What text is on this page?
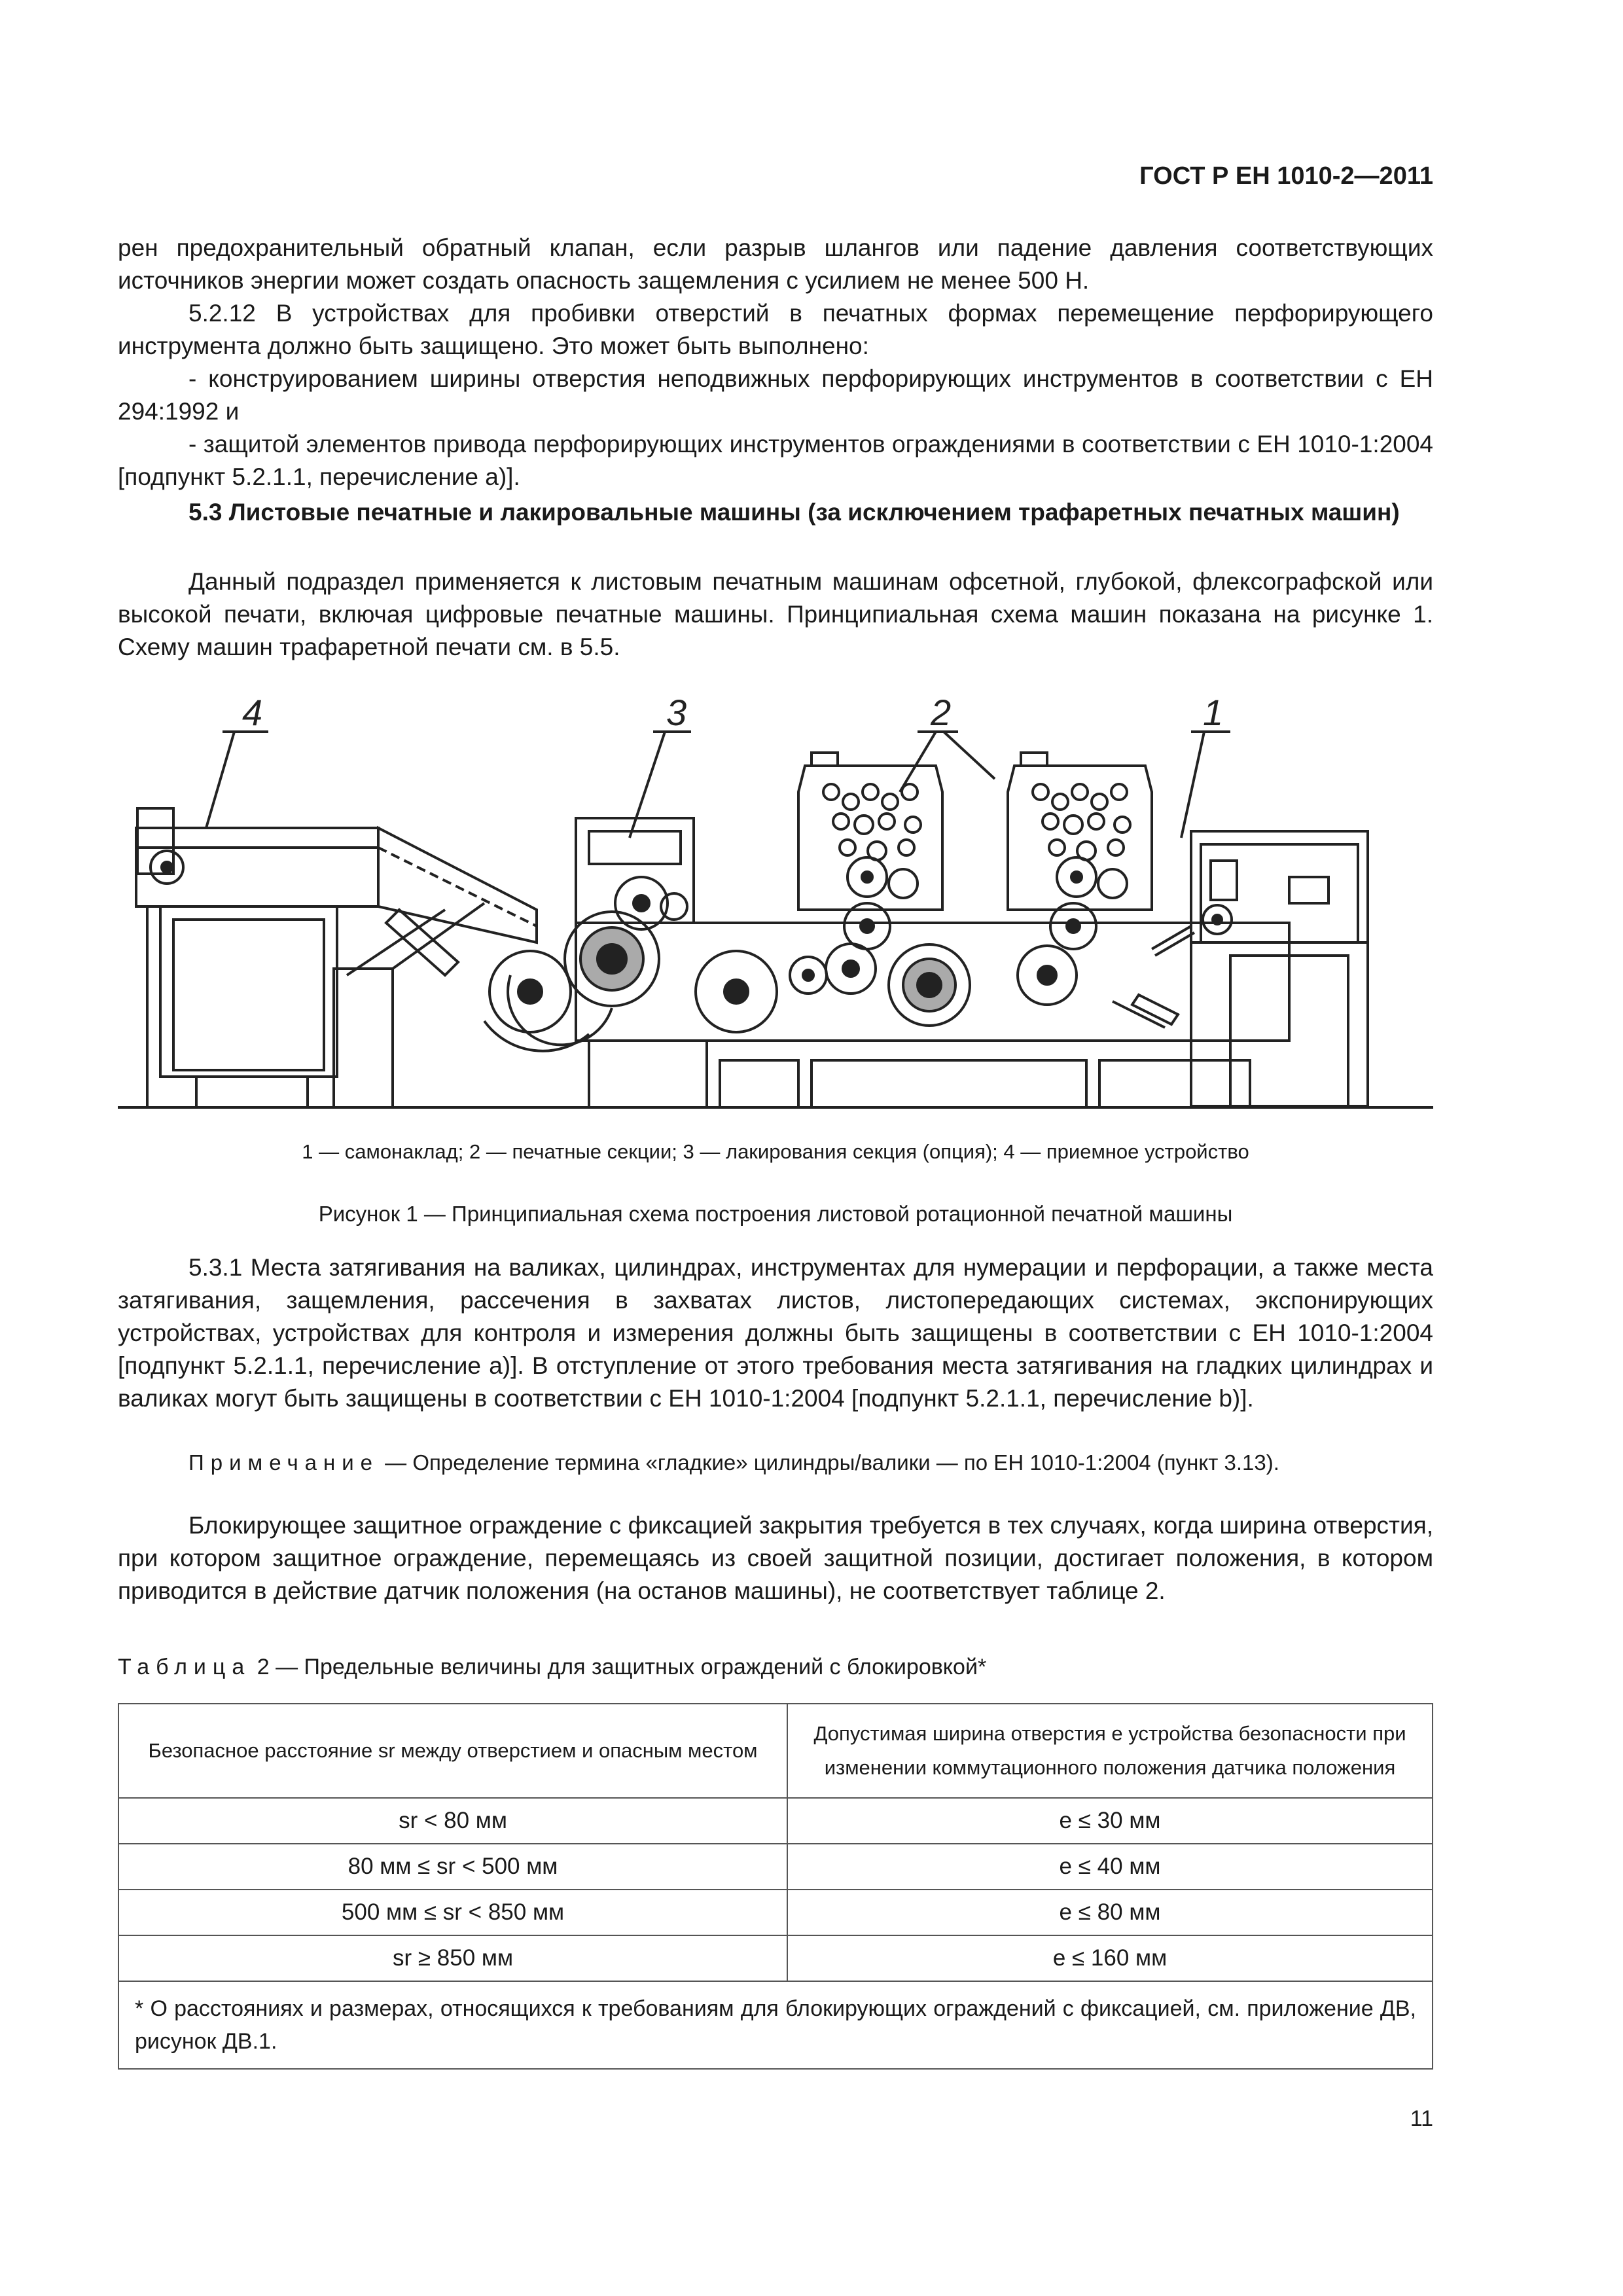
ГОСТ Р ЕН 1010-2—2011

рен предохранительный обратный клапан, если разрыв шлангов или падение давления соответствующих источников энергии может создать опасность защемления с усилием не менее 500 Н.

5.2.12 В устройствах для пробивки отверстий в печатных формах перемещение перфорирующего инструмента должно быть защищено. Это может быть выполнено:

- конструированием ширины отверстия неподвижных перфорирующих инструментов в соответствии с ЕН 294:1992 и

- защитой элементов привода перфорирующих инструментов ограждениями в соответствии с ЕН 1010-1:2004 [подпункт 5.2.1.1, перечисление а)].

5.3 Листовые печатные и лакировальные машины (за исключением трафаретных печатных машин)

Данный подраздел применяется к листовым печатным машинам офсетной, глубокой, флексографской или высокой печати, включая цифровые печатные машины. Принципиальная схема машин показана на рисунке 1. Схему машин трафаретной печати см. в 5.5.

4	3	2	1
1 — самонаклад; 2 — печатные секции; 3 — лакирования секция (опция); 4 — приемное устройство
Рисунок 1 — Принципиальная схема построения листовой ротационной печатной машины

5.3.1 Места затягивания на валиках, цилиндрах, инструментах для нумерации и перфорации, а также места затягивания, защемления, рассечения в захватах листов, листопередающих системах, экспонирующих устройствах, устройствах для контроля и измерения должны быть защищены в соответствии с ЕН 1010-1:2004 [подпункт 5.2.1.1, перечисление а)]. В отступление от этого требования места затягивания на гладких цилиндрах и валиках могут быть защищены в соответствии с ЕН 1010-1:2004 [подпункт 5.2.1.1, перечисление b)].

Примечание — Определение термина «гладкие» цилиндры/валики — по ЕН 1010-1:2004 (пункт 3.13).

Блокирующее защитное ограждение с фиксацией закрытия требуется в тех случаях, когда ширина отверстия, при котором защитное ограждение, перемещаясь из своей защитной позиции, достигает положения, в котором приводится в действие датчик положения (на останов машины), не соответствует таблице 2.

Таблица 2 — Предельные величины для защитных ограждений с блокировкой*
Безопасное расстояние sr между отверстием и опасным местом	Допустимая ширина отверстия e устройства безопасности при изменении коммутационного положения датчика положения
sr < 80 мм	e ≤ 30 мм
80 мм ≤ sr < 500 мм	e ≤ 40 мм
500 мм ≤ sr < 850 мм	e ≤ 80 мм
sr ≥ 850 мм	e ≤ 160 мм
* О расстояниях и размерах, относящихся к требованиям для блокирующих ограждений с фиксацией, см. приложение ДВ, рисунок ДВ.1.	
11
